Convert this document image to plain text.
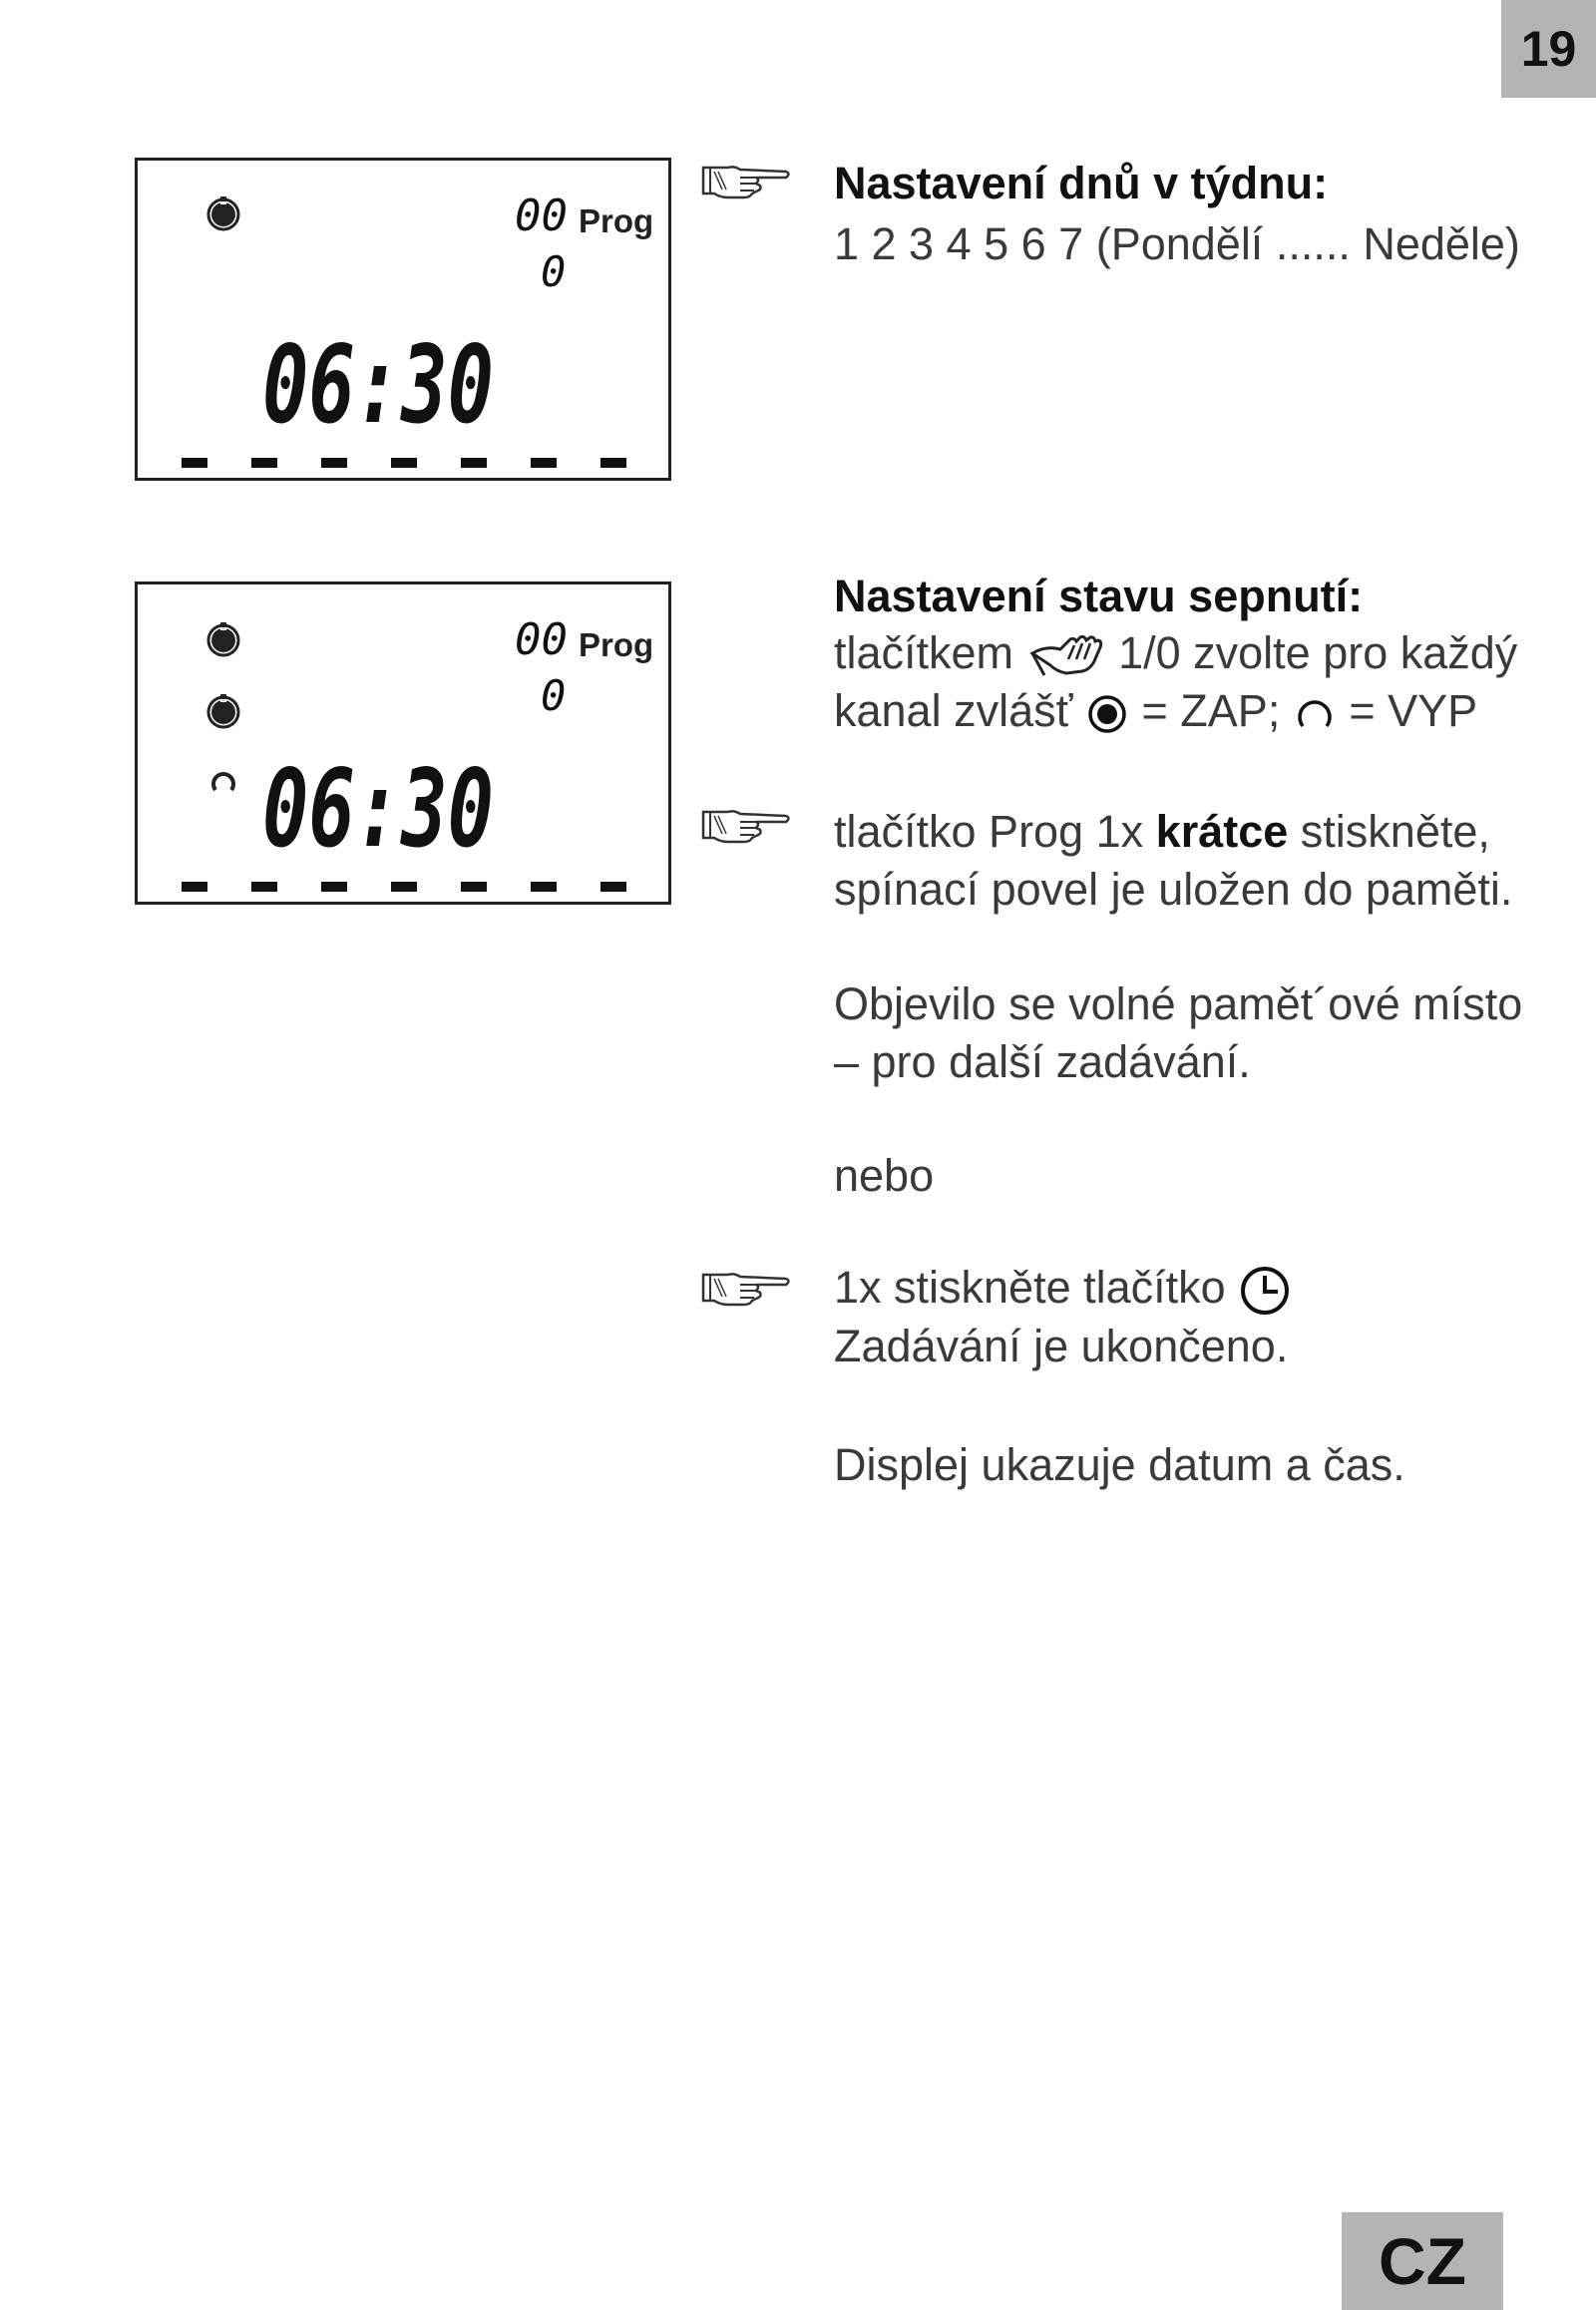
19
00 Prog
0
06:30
00 Prog
0
06:30
Nastavení dnů v týdnu:
1 2 3 4 5 6 7 (Pondělí ...... Neděle)
Nastavení stavu sepnutí:
tlačítkem 1/0 zvolte pro každý
kanal zvlášť = ZAP; = VYP
tlačítko Prog 1x krátce stiskněte,
spínací povel je uložen do paměti.
Objevilo se volné pamět´ové místo
– pro další zadávání.
nebo
1x stiskněte tlačítko
Zadávání je ukončeno.
Displej ukazuje datum a čas.
CZ
